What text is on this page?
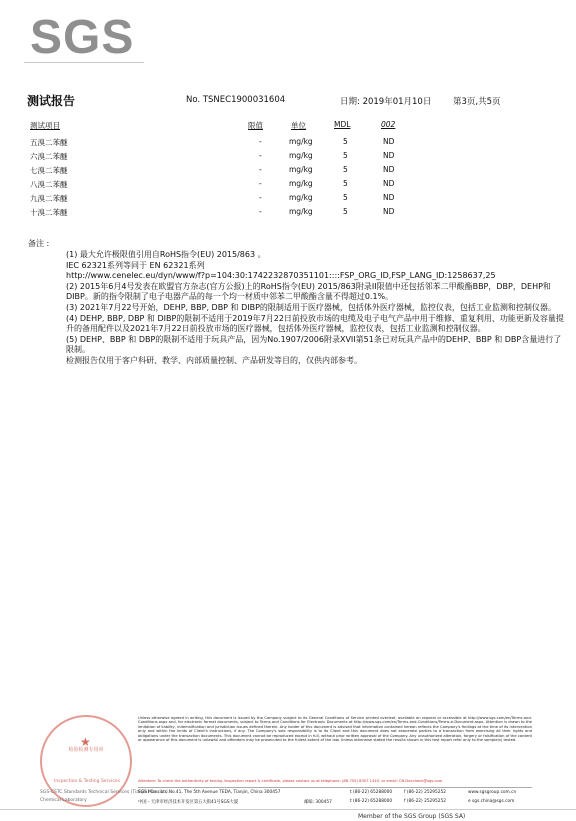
SGS
测试报告	No. TSNEC1900031604	日期: 2019年01月10日	第3页,共5页
测试项目	限值	单位	MDL	002
五溴二苯醚	-	mg/kg	5	ND
六溴二苯醚	-	mg/kg	5	ND
七溴二苯醚	-	mg/kg	5	ND
八溴二苯醚	-	mg/kg	5	ND
九溴二苯醚	-	mg/kg	5	ND
十溴二苯醚	-	mg/kg	5	ND
备注 :

(1) 最大允许极限值引用自RoHS指令(EU) 2015/863 。

IEC 62321系列等同于 EN 62321系列

http://www.cenelec.eu/dyn/www/f?p=104:30:1742232870351101::::FSP_ORG_ID,FSP_LANG_ID:1258637,25

(2) 2015年6月4号发表在欧盟官方杂志(官方公报)上的RoHS指令(EU) 2015/863附录II限值中还包括邻苯二甲酸酯BBP，DBP，DEHP和DIBP。新的指令限制了电子电器产品的每一个均一材质中邻苯二甲酸酯含量不得超过0.1%。

(3) 2021年7月22号开始，DEHP, BBP, DBP 和 DIBP的限制适用于医疗器械，包括体外医疗器械，监控仪表，包括工业监测和控制仪器。

(4) DEHP, BBP, DBP 和 DIBP的限制不适用于2019年7月22日前投放市场的电缆及电子电气产品中用于维修、重复利用、功能更新及容量提升的备用配件以及2021年7月22日前投放市场的医疗器械，包括体外医疗器械，监控仪表，包括工业监测和控制仪器。

(5) DEHP、BBP 和 DBP的限制不适用于玩具产品，因为No.1907/2006附录XVII第51条已对玩具产品中的DEHP、BBP 和 DBP含量进行了限制。

检测报告仅用于客户科研、教学、内部质量控制、产品研发等目的，仅供内部参考。

★
检验检测专用章
Inspection & Testing Services
SGS-CSTC Standards Technical Services (Tianjin) Co., Ltd.
Chemical Laboratory
Unless otherwise agreed in writing, this document is issued by the Company subject to its General Conditions of Service printed overleaf, available on request or accessible at http://www.sgs.com/en/Terms-and-Conditions.aspx and, for electronic format documents, subject to Terms and Conditions for Electronic Documents at http://www.sgs.com/en/Terms-and-Conditions/Terms-e-Document.aspx. Attention is drawn to the limitation of liability, indemnification and jurisdiction issues defined therein. Any holder of this document is advised that information contained hereon reflects the Company's findings at the time of its intervention only and within the limits of Client's instructions, if any. The Company's sole responsibility is to its Client and this document does not exonerate parties to a transaction from exercising all their rights and obligations under the transaction documents. This document cannot be reproduced except in full, without prior written approval of the Company. Any unauthorized alteration, forgery or falsification of the content or appearance of this document is unlawful and offenders may be prosecuted to the fullest extent of the law. Unless otherwise stated the results shown in this test report refer only to the sample(s) tested.
Attention: To check the authenticity of testing /inspection report & certificate, please contact us at telephone: (86-755) 8307 1443, or email: CN.Doccheck@sgs.com
SGS Mansion, No.41, The 5th Avenue TEDA, Tianjin, China 300457	t (86-22) 65288000	f (86-22) 25295252	www.sgsgroup.com.cn
中国・天津市经济技术开发区第五大街41号SGS大厦	邮编: 300457	t (86-22) 65288000	f (86-22) 25295252	e sgs.china@sgs.com
Member of the SGS Group (SGS SA)
